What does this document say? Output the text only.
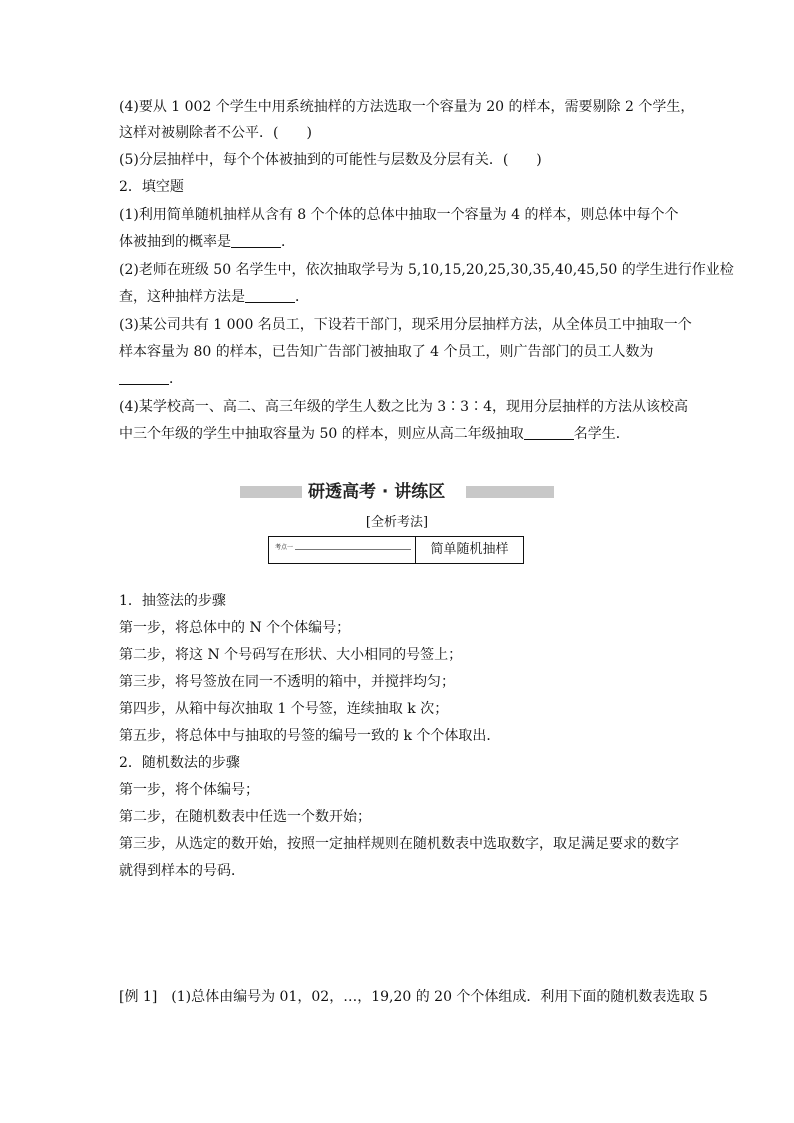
(4)要从 1 002 个学生中用系统抽样的方法选取一个容量为 20 的样本，需要剔除 2 个学生，
这样对被剔除者不公平．(　　)
(5)分层抽样中，每个个体被抽到的可能性与层数及分层有关．(　　)
2．填空题
(1)利用简单随机抽样从含有 8 个个体的总体中抽取一个容量为 4 的样本，则总体中每个个
体被抽到的概率是	．
(2)老师在班级 50 名学生中，依次抽取学号为 5,10,15,20,25,30,35,40,45,50 的学生进行作业检
查，这种抽样方法是	．
(3)某公司共有 1 000 名员工，下设若干部门，现采用分层抽样方法，从全体员工中抽取一个
样本容量为 80 的样本，已告知广告部门被抽取了 4 个员工，则广告部门的员工人数为
．
(4)某学校高一、高二、高三年级的学生人数之比为 3∶3∶4，现用分层抽样的方法从该校高
中三个年级的学生中抽取容量为 50 的样本，则应从高二年级抽取	名学生．
研透高考 · 讲练区
[全析考法]
考点一	简单随机抽样
1．抽签法的步骤
第一步，将总体中的 N 个个体编号；
第二步，将这 N 个号码写在形状、大小相同的号签上；
第三步，将号签放在同一不透明的箱中，并搅拌均匀；
第四步，从箱中每次抽取 1 个号签，连续抽取 k 次；
第五步，将总体中与抽取的号签的编号一致的 k 个个体取出．
2．随机数法的步骤
第一步，将个体编号；
第二步，在随机数表中任选一个数开始；
第三步，从选定的数开始，按照一定抽样规则在随机数表中选取数字，取足满足要求的数字
就得到样本的号码．
[例 1]　(1)总体由编号为 01，02，…，19,20 的 20 个个体组成．利用下面的随机数表选取 5
